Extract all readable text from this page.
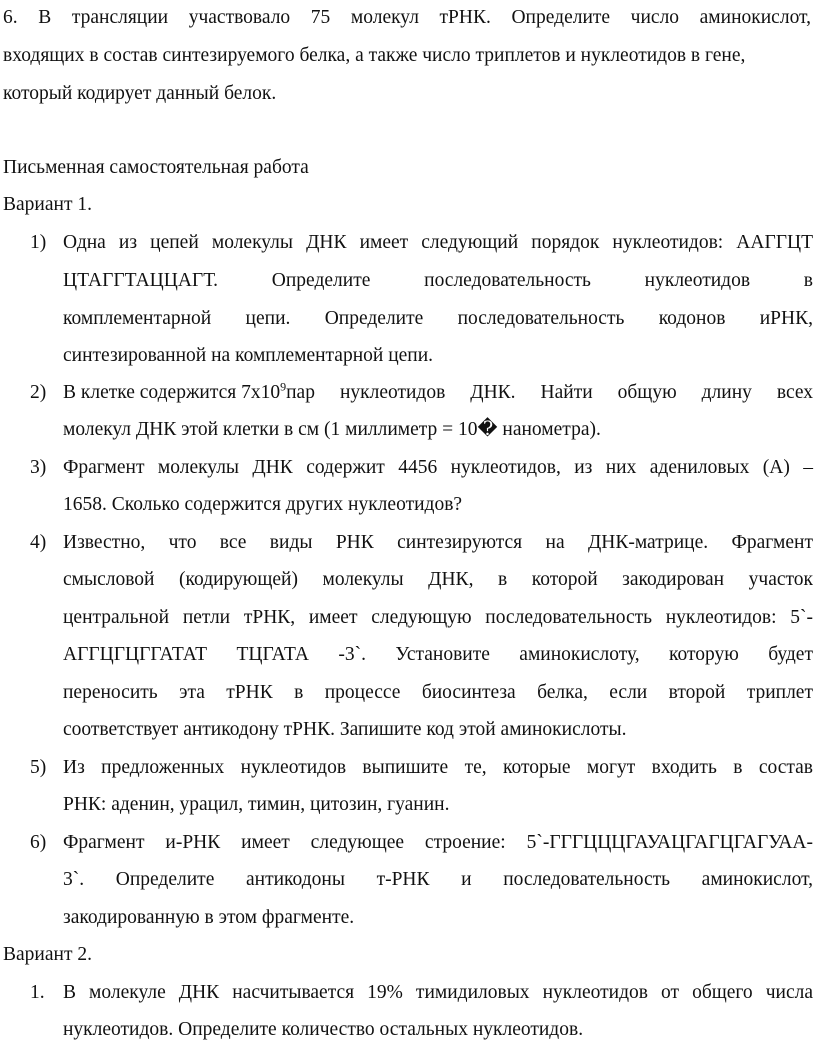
6. В трансляции участвовало 75 молекул тРНК. Определите число аминокислот,
входящих в состав синтезируемого белка, а также число триплетов и нуклеотидов в гене,
который кодирует данный белок.
Письменная самостоятельная работа
Вариант 1.
1) Одна из цепей молекулы ДНК имеет следующий порядок нуклеотидов: ААГГЦТ
ЦТАГГТАЦЦАГТ. Определите последовательность нуклеотидов в
комплементарной цепи. Определите последовательность кодонов иРНК,
синтезированной на комплементарной цепи.
2) В клетке содержится $7х10^9$ пар нуклеотидов ДНК. Найти общую длину всех
молекул ДНК этой клетки в см (1 миллиметр = 10� наномeтра).
3) Фрагмент молекулы ДНК содержит 4456 нуклеотидов, из них адениловых (А) –
1658. Сколько содержится других нуклеотидов?
4) Известно, что все виды РНК синтезируются на ДНК-матрице. Фрагмент
смысловой (кодирующей) молекулы ДНК, в которой закодирован участок
центральной петли тРНК, имеет следующую последовательность нуклеотидов: 5`-
АГГЦГЦГГАТАТ ТЦГАТА -3`. Установите аминокислоту, которую будет
переносить эта тРНК в процессе биосинтеза белка, если второй триплет
соответствует антикодону тРНК. Запишите код этой аминокислоты.
5) Из предложенных нуклеотидов выпишите те, которые могут входить в состав
РНК: аденин, урацил, тимин, цитозин, гуанин.
6) Фрагмент и-РНК имеет следующее строение: 5`-ГГГЦЦЦГАУАЦГАГЦГАГУАА-
3`. Определите антикодоны т-РНК и последовательность аминокислот,
закодированную в этом фрагменте.
Вариант 2.
1. В молекуле ДНК насчитывается 19% тимидиловых нуклеотидов от общего числа
нуклеотидов. Определите количество остальных нуклеотидов.
